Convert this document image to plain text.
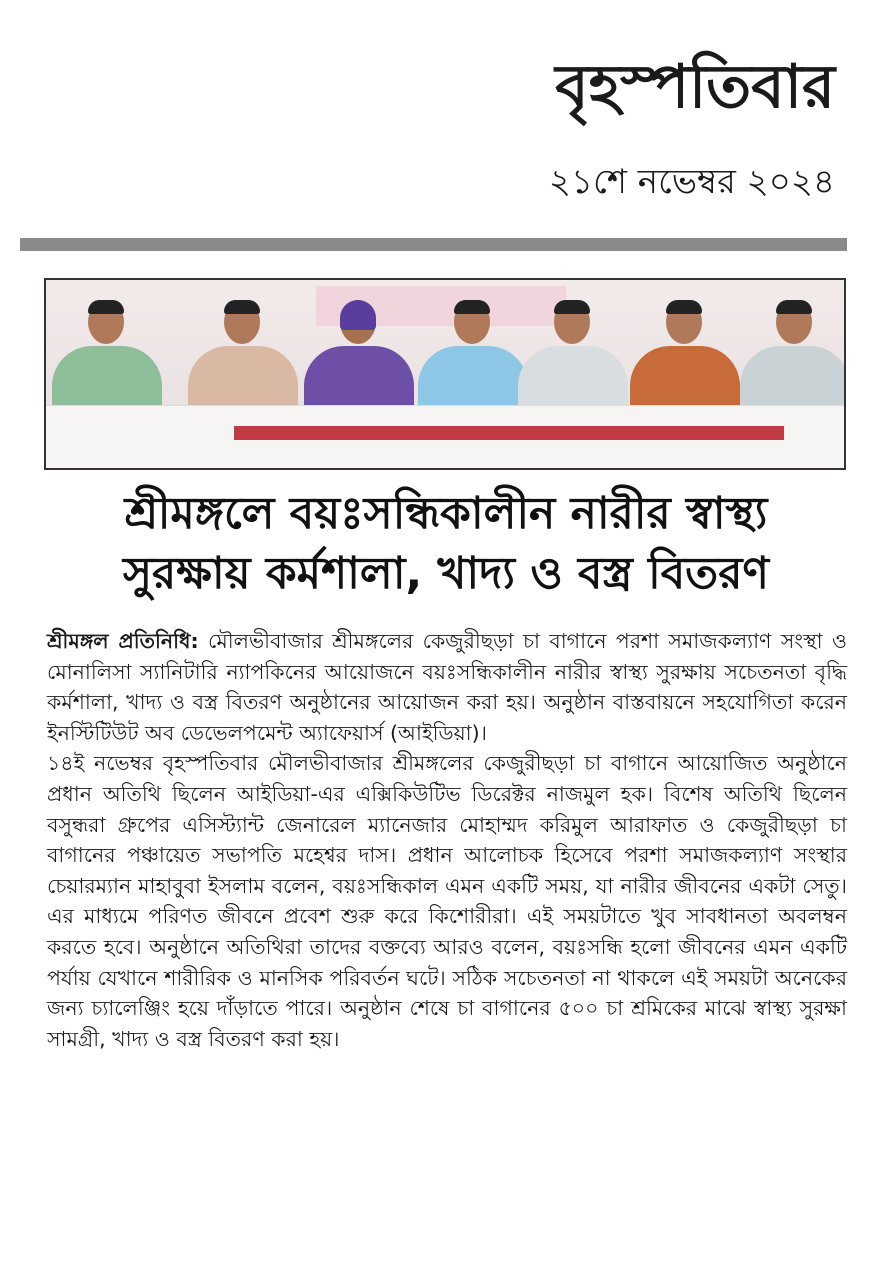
বৃহস্পতিবার
২১শে নভেম্বর ২০২৪
শ্রীমঙ্গলে বয়ঃসন্ধিকালীন নারীর স্বাস্থ্য
সুরক্ষায় কর্মশালা, খাদ্য ও বস্ত্র বিতরণ

শ্রীমঙ্গল প্রতিনিধি: মৌলভীবাজার শ্রীমঙ্গলের কেজুরীছড়া চা বাগানে পরশা সমাজকল্যাণ সংস্থা ও মোনালিসা স্যানিটারি ন্যাপকিনের আয়োজনে বয়ঃসন্ধিকালীন নারীর স্বাস্থ্য সুরক্ষায় সচেতনতা বৃদ্ধি কর্মশালা, খাদ্য ও বস্ত্র বিতরণ অনুষ্ঠানের আয়োজন করা হয়। অনুষ্ঠান বাস্তবায়নে সহযোগিতা করেন ইনস্টিটিউট অব ডেভেলপমেন্ট অ্যাফেয়ার্স (আইডিয়া)।
১৪ই নভেম্বর বৃহস্পতিবার মৌলভীবাজার শ্রীমঙ্গলের কেজুরীছড়া চা বাগানে আয়োজিত অনুষ্ঠানে প্রধান অতিথি ছিলেন আইডিয়া-এর এক্সিকিউটিভ ডিরেক্টর নাজমুল হক। বিশেষ অতিথি ছিলেন বসুন্ধরা গ্রুপের এসিস্ট্যান্ট জেনারেল ম্যানেজার মোহাম্মদ করিমুল আরাফাত ও কেজুরীছড়া চা বাগানের পঞ্চায়েত সভাপতি মহেশ্বর দাস। প্রধান আলোচক হিসেবে পরশা সমাজকল্যাণ সংস্থার চেয়ারম্যান মাহাবুবা ইসলাম বলেন, বয়ঃসন্ধিকাল এমন একটি সময়, যা নারীর জীবনের একটা সেতু। এর মাধ্যমে পরিণত জীবনে প্রবেশ শুরু করে কিশোরীরা। এই সময়টাতে খুব সাবধানতা অবলম্বন করতে হবে। অনুষ্ঠানে অতিথিরা তাদের বক্তব্যে আরও বলেন, বয়ঃসন্ধি হলো জীবনের এমন একটি পর্যায় যেখানে শারীরিক ও মানসিক পরিবর্তন ঘটে। সঠিক সচেতনতা না থাকলে এই সময়টা অনেকের জন্য চ্যালেঞ্জিং হয়ে দাঁড়াতে পারে। অনুষ্ঠান শেষে চা বাগানের ৫০০ চা শ্রমিকের মাঝে স্বাস্থ্য সুরক্ষা সামগ্রী, খাদ্য ও বস্ত্র বিতরণ করা হয়।
